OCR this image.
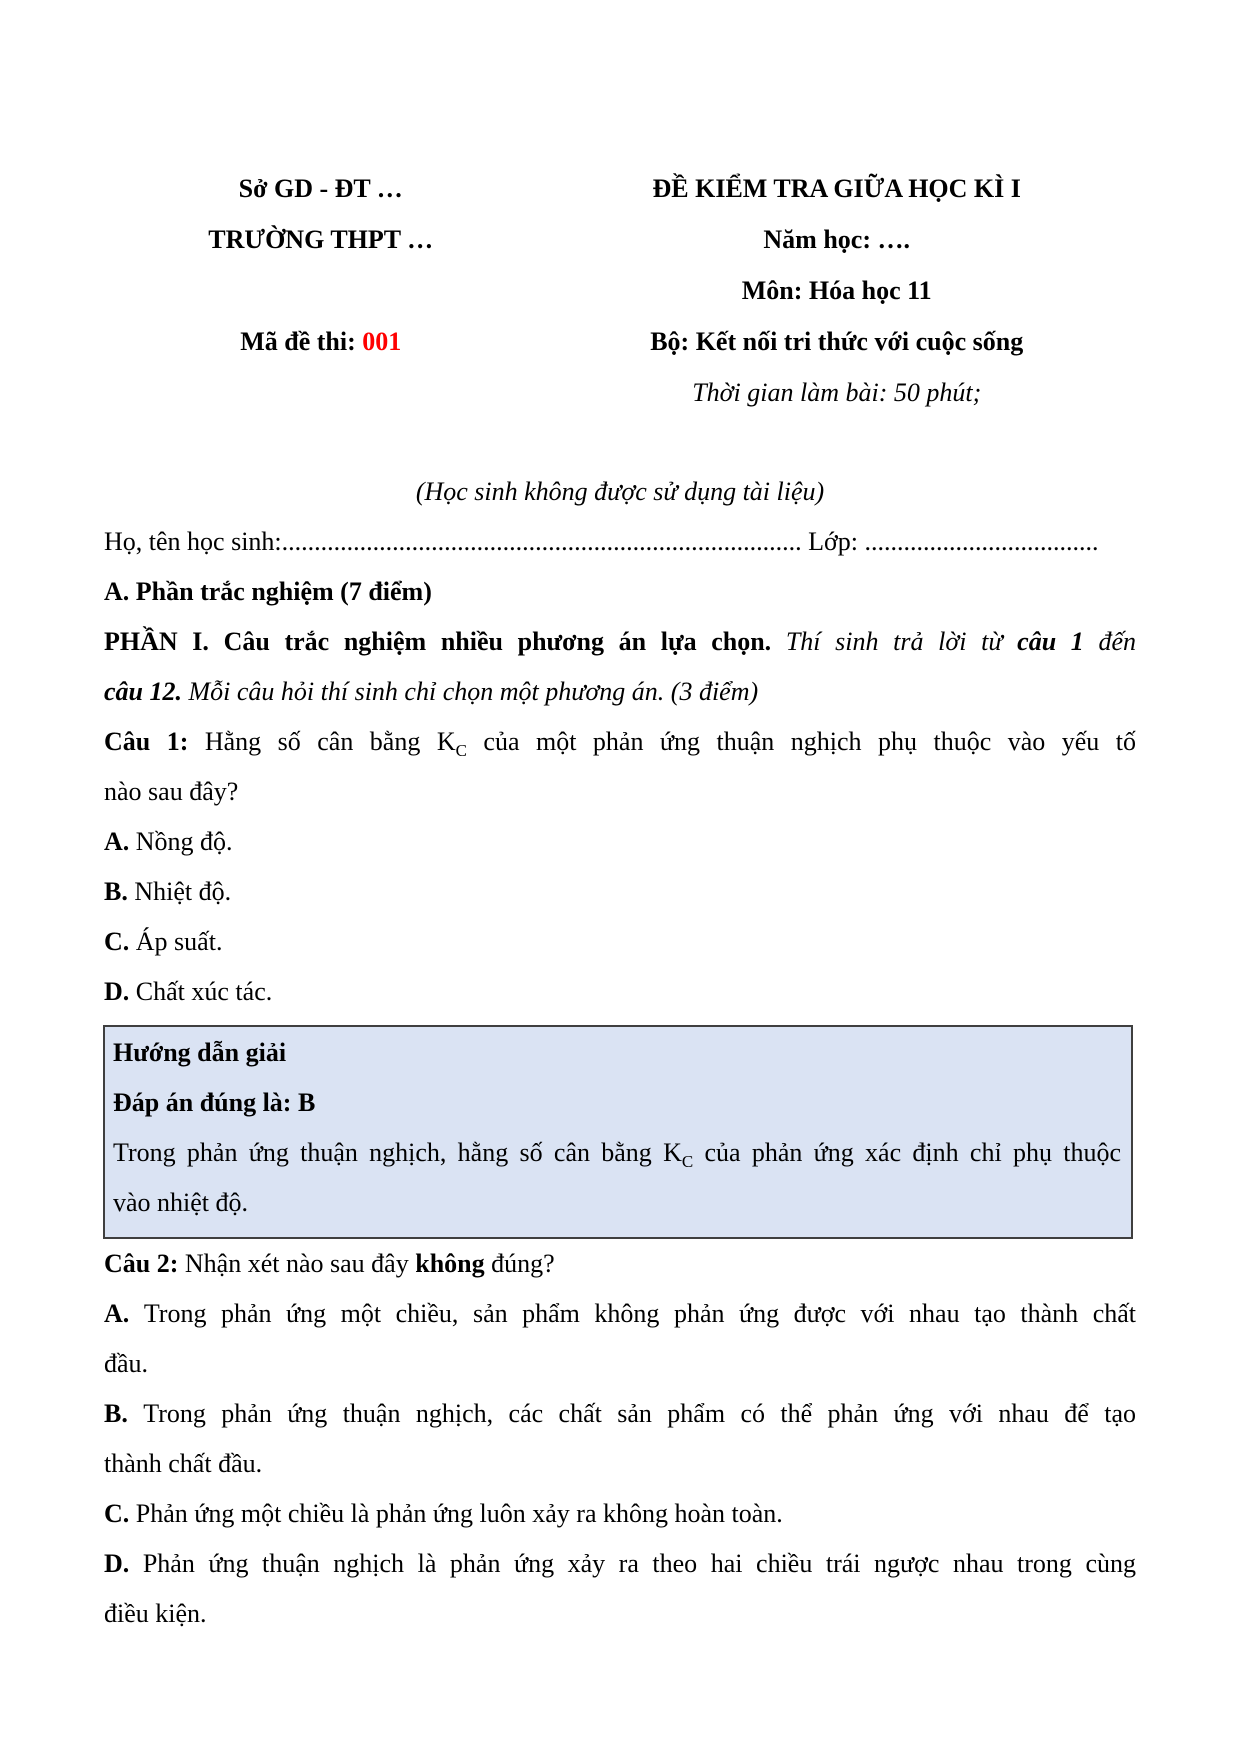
Sở GD - ĐT …

TRƯỜNG THPT …

Mã đề thi: 001

ĐỀ KIỂM TRA GIỮA HỌC KÌ I

Năm học: ….

Môn: Hóa học 11

Bộ: Kết nối tri thức với cuộc sống

Thời gian làm bài: 50 phút;

(Học sinh không được sử dụng tài liệu)

Họ, tên học sinh:................................................................................ Lớp: ....................................

A. Phần trắc nghiệm (7 điểm)

PHẦN I. Câu trắc nghiệm nhiều phương án lựa chọn. Thí sinh trả lời từ câu 1 đến

câu 12. Mỗi câu hỏi thí sinh chỉ chọn một phương án. (3 điểm)

Câu 1: Hằng số cân bằng $K_C$ của một phản ứng thuận nghịch phụ thuộc vào yếu tố

nào sau đây?

A. Nồng độ.

B. Nhiệt độ.

C. Áp suất.

D. Chất xúc tác.

Hướng dẫn giải

Đáp án đúng là: B

Trong phản ứng thuận nghịch, hằng số cân bằng $K_C$ của phản ứng xác định chỉ phụ thuộc

vào nhiệt độ.

Câu 2: Nhận xét nào sau đây không đúng?

A. Trong phản ứng một chiều, sản phẩm không phản ứng được với nhau tạo thành chất

đầu.

B. Trong phản ứng thuận nghịch, các chất sản phẩm có thể phản ứng với nhau để tạo

thành chất đầu.

C. Phản ứng một chiều là phản ứng luôn xảy ra không hoàn toàn.

D. Phản ứng thuận nghịch là phản ứng xảy ra theo hai chiều trái ngược nhau trong cùng

điều kiện.
